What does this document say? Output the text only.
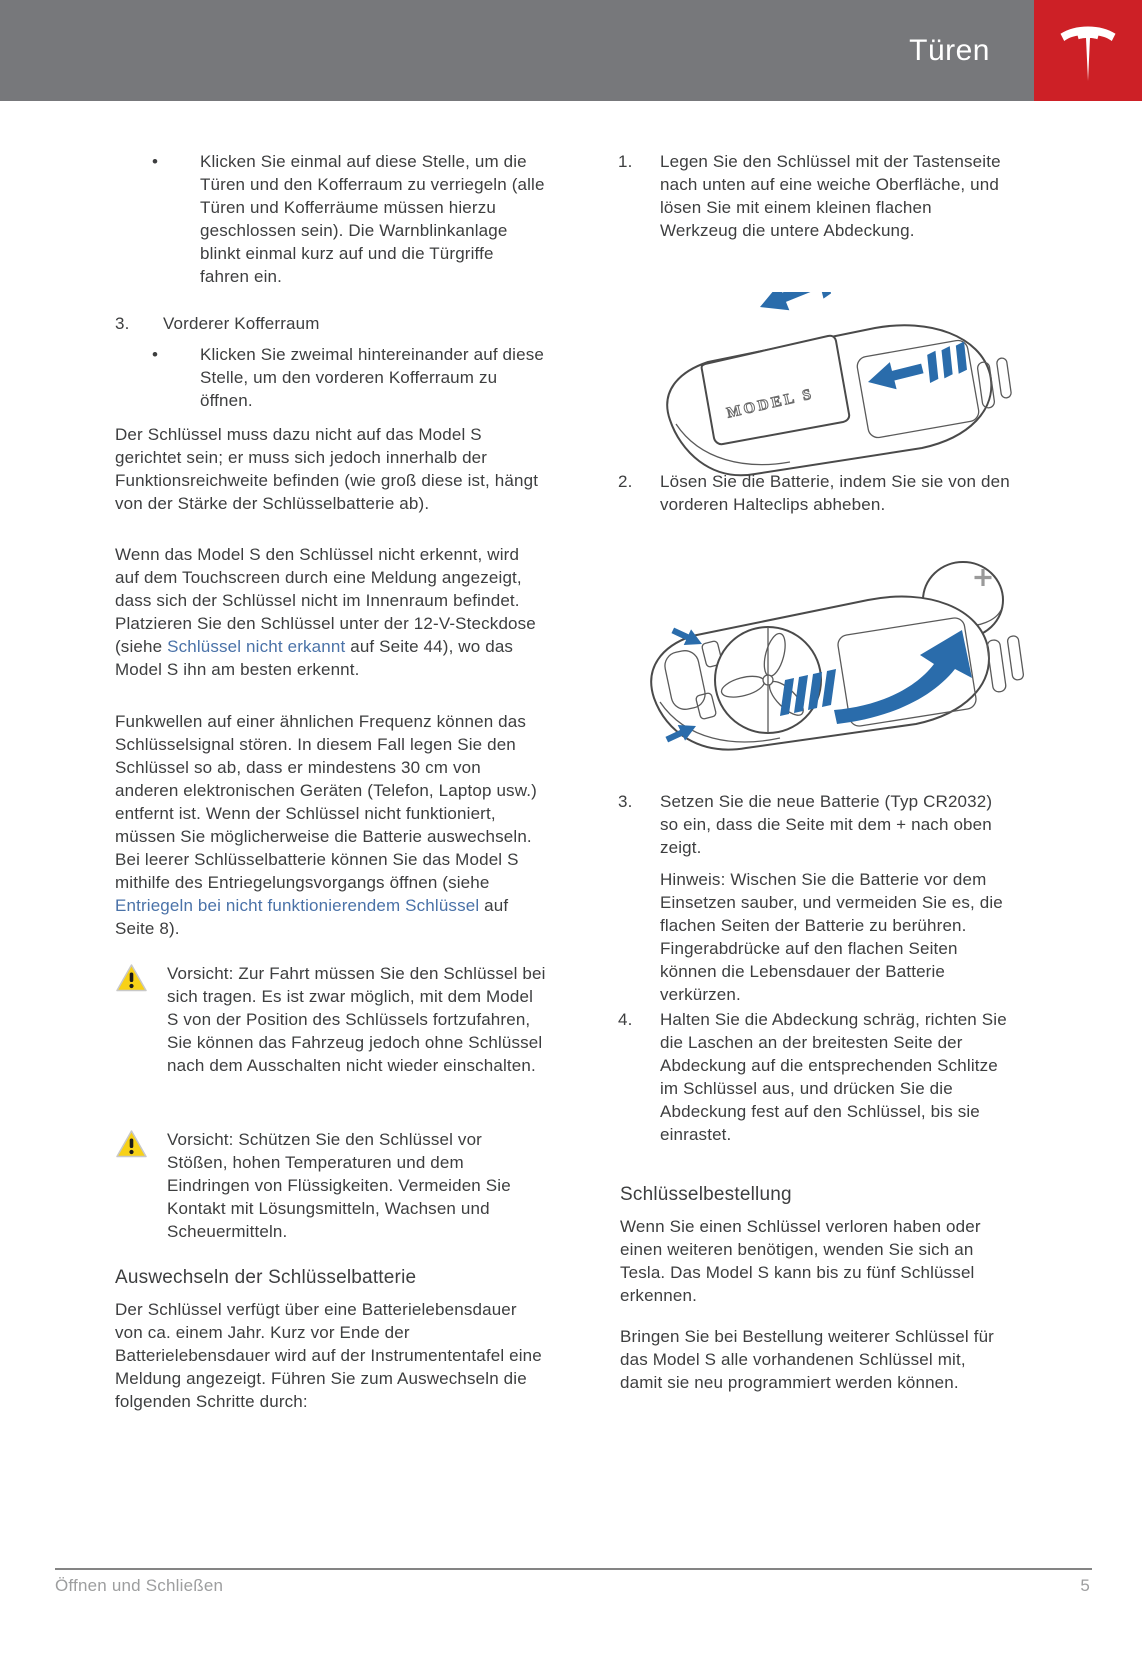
Türen
•	Klicken Sie einmal auf diese Stelle, um die Türen und den Kofferraum zu verriegeln (alle Türen und Kofferräume müssen hierzu geschlossen sein). Die Warnblinkanlage blinkt einmal kurz auf und die Türgriffe fahren ein.
3.	Vorderer Kofferraum
•	Klicken Sie zweimal hintereinander auf diese Stelle, um den vorderen Kofferraum zu öffnen.
Der Schlüssel muss dazu nicht auf das Model S gerichtet sein; er muss sich jedoch innerhalb der Funktionsreichweite befinden (wie groß diese ist, hängt von der Stärke der Schlüsselbatterie ab).
Wenn das Model S den Schlüssel nicht erkennt, wird auf dem Touchscreen durch eine Meldung angezeigt, dass sich der Schlüssel nicht im Innenraum befindet. Platzieren Sie den Schlüssel unter der 12-V-Steckdose (siehe Schlüssel nicht erkannt auf Seite 44), wo das Model S ihn am besten erkennt.
Funkwellen auf einer ähnlichen Frequenz können das Schlüsselsignal stören. In diesem Fall legen Sie den Schlüssel so ab, dass er mindestens 30 cm von anderen elektronischen Geräten (Telefon, Laptop usw.) entfernt ist. Wenn der Schlüssel nicht funktioniert, müssen Sie möglicherweise die Batterie auswechseln. Bei leerer Schlüsselbatterie können Sie das Model S mithilfe des Entriegelungsvorgangs öffnen (siehe Entriegeln bei nicht funktionierendem Schlüssel auf Seite 8).
Vorsicht: Zur Fahrt müssen Sie den Schlüssel bei sich tragen. Es ist zwar möglich, mit dem Model S von der Position des Schlüssels fortzufahren, Sie können das Fahrzeug jedoch ohne Schlüssel nach dem Ausschalten nicht wieder einschalten.
Vorsicht: Schützen Sie den Schlüssel vor Stößen, hohen Temperaturen und dem Eindringen von Flüssigkeiten. Vermeiden Sie Kontakt mit Lösungsmitteln, Wachsen und Scheuermitteln.
Auswechseln der Schlüsselbatterie
Der Schlüssel verfügt über eine Batterielebensdauer von ca. einem Jahr. Kurz vor Ende der Batterielebensdauer wird auf der Instrumententafel eine Meldung angezeigt. Führen Sie zum Auswechseln die folgenden Schritte durch:
1.	Legen Sie den Schlüssel mit der Tastenseite nach unten auf eine weiche Oberfläche, und lösen Sie mit einem kleinen flachen Werkzeug die untere Abdeckung.
MODEL S
2.	Lösen Sie die Batterie, indem Sie sie von den vorderen Halteclips abheben.
3.	Setzen Sie die neue Batterie (Typ CR2032) so ein, dass die Seite mit dem + nach oben zeigt.
Hinweis: Wischen Sie die Batterie vor dem Einsetzen sauber, und vermeiden Sie es, die flachen Seiten der Batterie zu berühren. Fingerabdrücke auf den flachen Seiten können die Lebensdauer der Batterie verkürzen.
4.	Halten Sie die Abdeckung schräg, richten Sie die Laschen an der breitesten Seite der Abdeckung auf die entsprechenden Schlitze im Schlüssel aus, und drücken Sie die Abdeckung fest auf den Schlüssel, bis sie einrastet.
Schlüsselbestellung
Wenn Sie einen Schlüssel verloren haben oder einen weiteren benötigen, wenden Sie sich an Tesla. Das Model S kann bis zu fünf Schlüssel erkennen.
Bringen Sie bei Bestellung weiterer Schlüssel für das Model S alle vorhandenen Schlüssel mit, damit sie neu programmiert werden können.
Öffnen und Schließen	5
